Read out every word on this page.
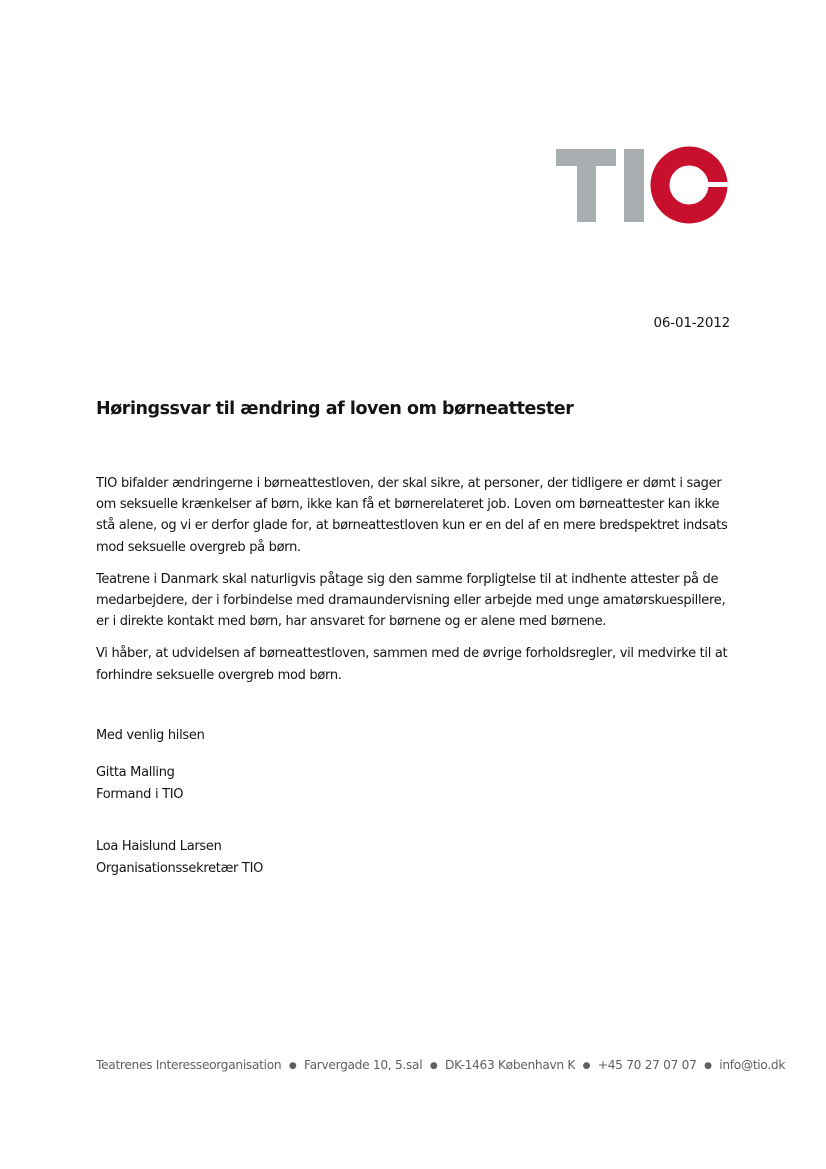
06-01-2012
Høringssvar til ændring af loven om børneattester

TIO bifalder ændringerne i børneattestloven, der skal sikre, at personer, der tidligere er dømt i sager om seksuelle krænkelser af børn, ikke kan få et børnerelateret job. Loven om børneattester kan ikke stå alene, og vi er derfor glade for, at børneattestloven kun er en del af en mere bredspektret indsats mod seksuelle overgreb på børn.

Teatrene i Danmark skal naturligvis påtage sig den samme forpligtelse til at indhente attester på de medarbejdere, der i forbindelse med dramaundervisning eller arbejde med unge amatørskuespillere, er i direkte kontakt med børn, har ansvaret for børnene og er alene med børnene.

Vi håber, at udvidelsen af børneattestloven, sammen med de øvrige forholdsregler, vil medvirke til at forhindre seksuelle overgreb mod børn.

Med venlig hilsen
Gitta Malling
Formand i TIO
Loa Haislund Larsen
Organisationssekretær TIO
Teatrenes Interesseorganisation ● Farvergade 10, 5.sal ● DK-1463 København K ● +45 70 27 07 07 ● info@tio.dk
